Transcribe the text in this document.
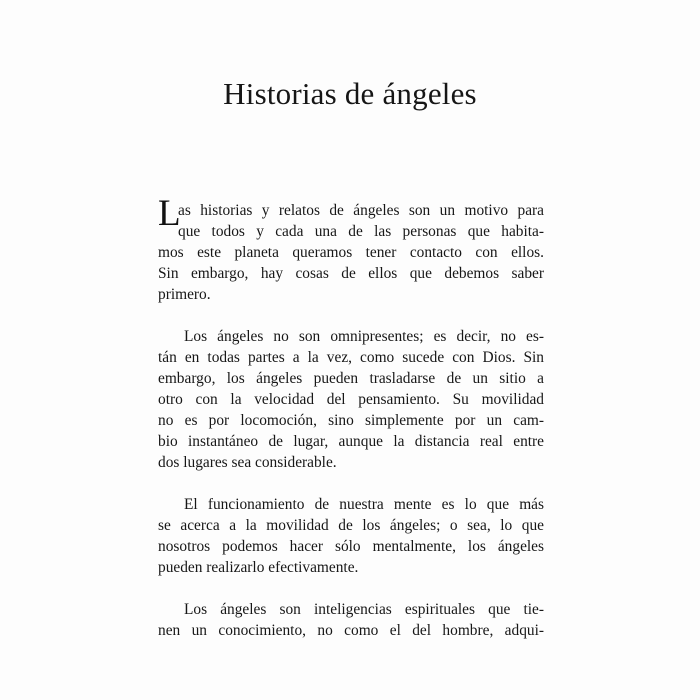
Historias de ángeles
L
as historias y relatos de ángeles son un motivo para
que todos y cada una de las personas que habita-
mos este planeta queramos tener contacto con ellos.
Sin embargo, hay cosas de ellos que debemos saber
primero.
Los ángeles no son omnipresentes; es decir, no es-
tán en todas partes a la vez, como sucede con Dios. Sin
embargo, los ángeles pueden trasladarse de un sitio a
otro con la velocidad del pensamiento. Su movilidad
no es por locomoción, sino simplemente por un cam-
bio instantáneo de lugar, aunque la distancia real entre
dos lugares sea considerable.
El funcionamiento de nuestra mente es lo que más
se acerca a la movilidad de los ángeles; o sea, lo que
nosotros podemos hacer sólo mentalmente, los ángeles
pueden realizarlo efectivamente.
Los ángeles son inteligencias espirituales que tie-
nen un conocimiento, no como el del hombre, adqui-
